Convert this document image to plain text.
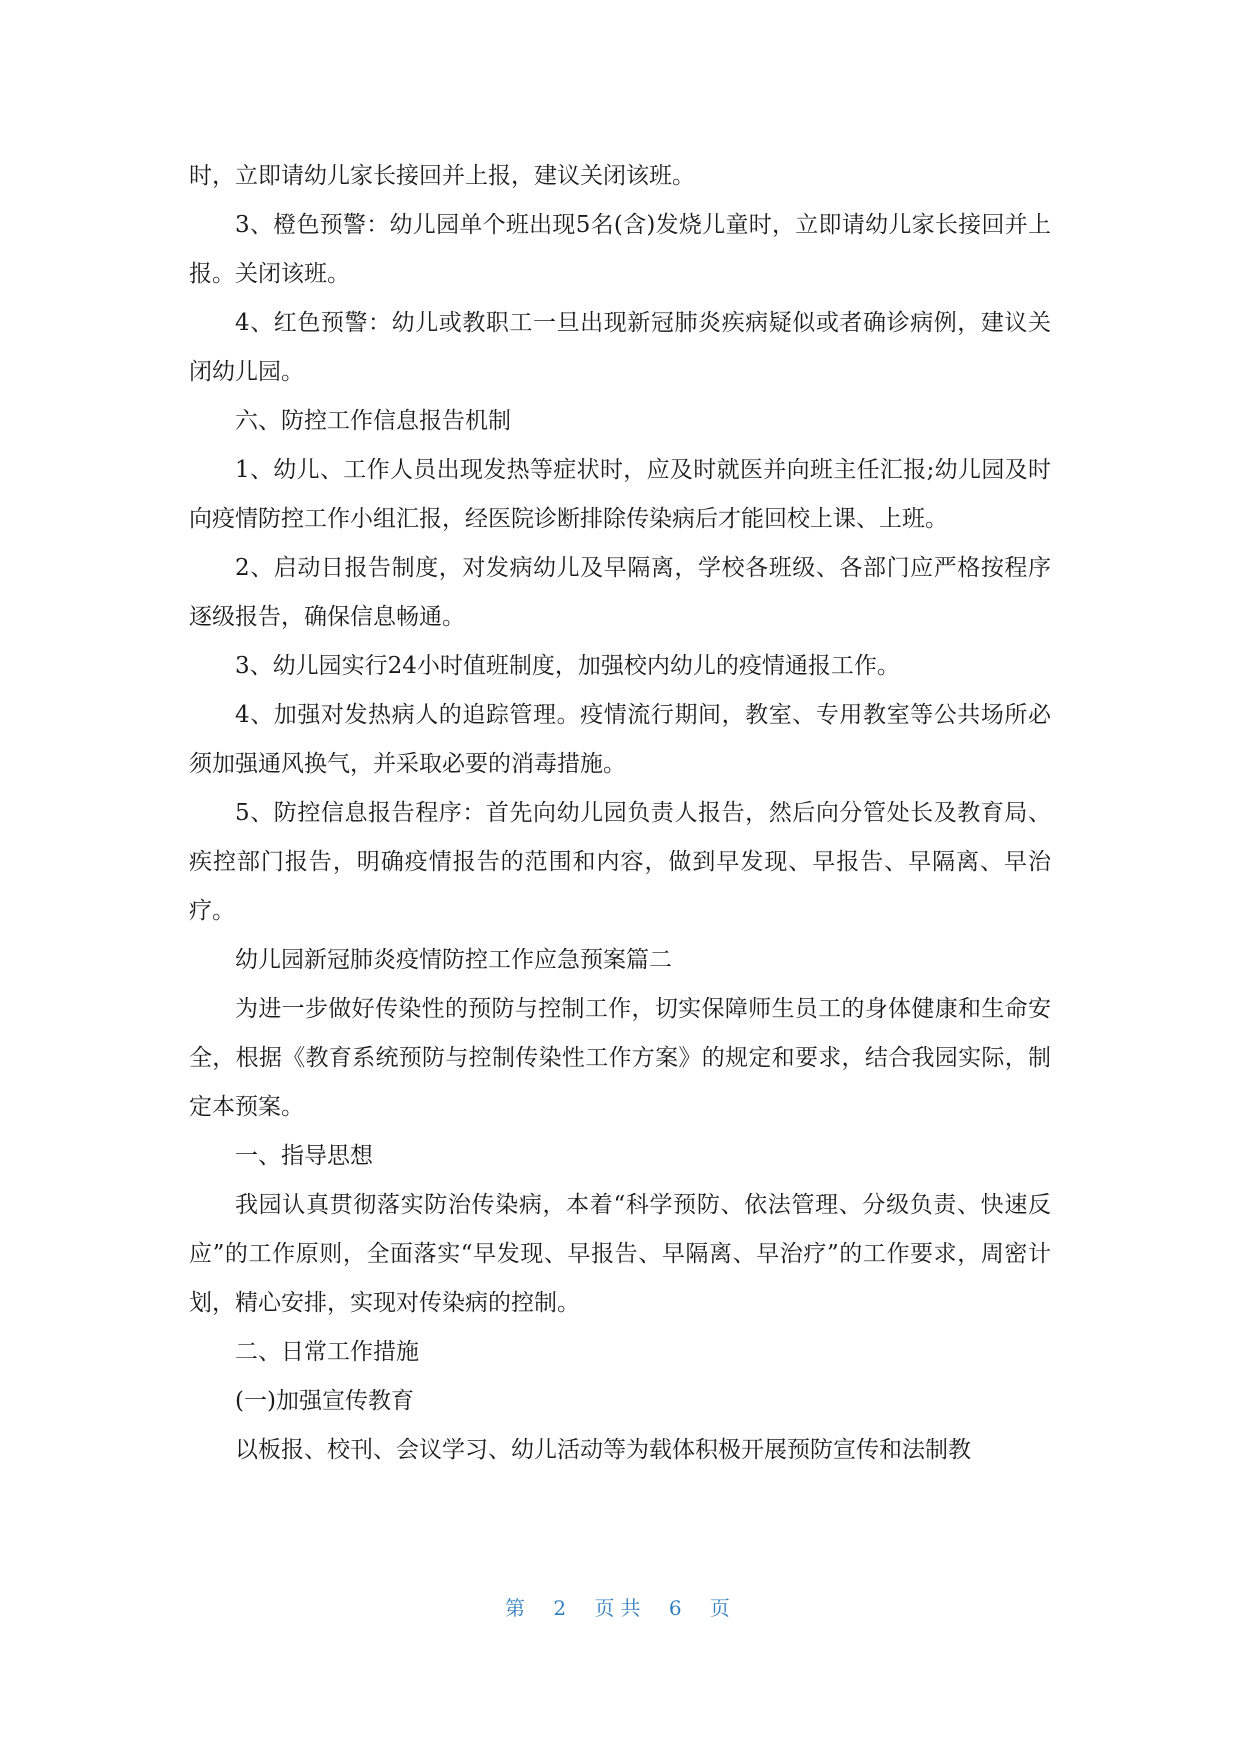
时，立即请幼儿家长接回并上报，建议关闭该班。

3、橙色预警：幼儿园单个班出现5名(含)发烧儿童时，立即请幼儿家长接回并上报。关闭该班。

4、红色预警：幼儿或教职工一旦出现新冠肺炎疾病疑似或者确诊病例，建议关闭幼儿园。

六、防控工作信息报告机制

1、幼儿、工作人员出现发热等症状时，应及时就医并向班主任汇报;幼儿园及时向疫情防控工作小组汇报，经医院诊断排除传染病后才能回校上课、上班。

2、启动日报告制度，对发病幼儿及早隔离，学校各班级、各部门应严格按程序逐级报告，确保信息畅通。

3、幼儿园实行24小时值班制度，加强校内幼儿的疫情通报工作。

4、加强对发热病人的追踪管理。疫情流行期间，教室、专用教室等公共场所必须加强通风换气，并采取必要的消毒措施。

5、防控信息报告程序：首先向幼儿园负责人报告，然后向分管处长及教育局、疾控部门报告，明确疫情报告的范围和内容，做到早发现、早报告、早隔离、早治疗。

幼儿园新冠肺炎疫情防控工作应急预案篇二

为进一步做好传染性的预防与控制工作，切实保障师生员工的身体健康和生命安全，根据《教育系统预防与控制传染性工作方案》的规定和要求，结合我园实际，制定本预案。

一、指导思想

我园认真贯彻落实防治传染病，本着“科学预防、依法管理、分级负责、快速反应”的工作原则，全面落实“早发现、早报告、早隔离、早治疗”的工作要求，周密计划，精心安排，实现对传染病的控制。

二、日常工作措施

(一)加强宣传教育

以板报、校刊、会议学习、幼儿活动等为载体积极开展预防宣传和法制教

第 2 页共 6 页
